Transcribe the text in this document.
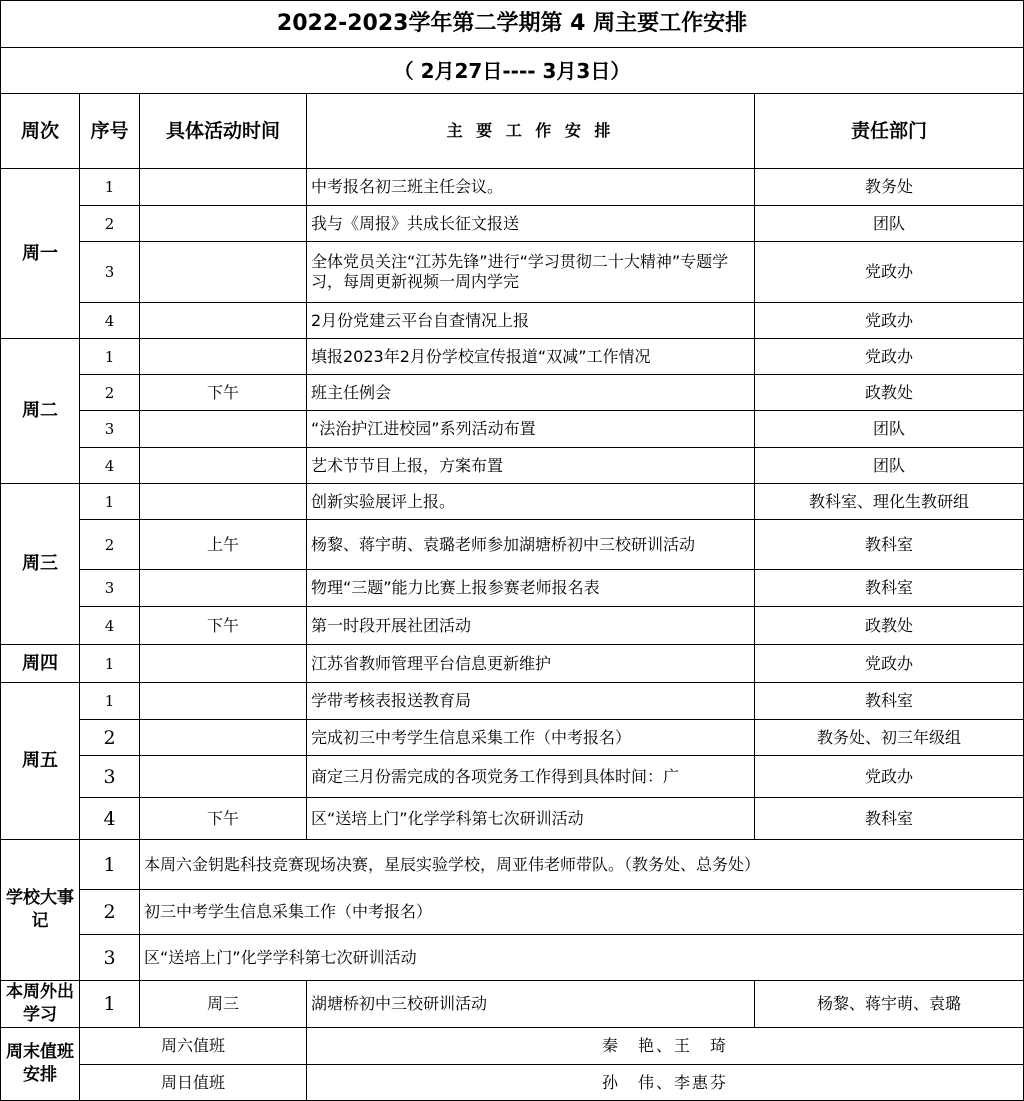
2022-2023学年第二学期第 4 周主要工作安排				
（ 2月27日---- 3月3日）				
周次	序号	具体活动时间	主 要 工 作 安 排	责任部门
周一	1		中考报名初三班主任会议。	教务处
	2		我与《周报》共成长征文报送	团队
	3		全体党员关注“江苏先锋”进行“学习贯彻二十大精神”专题学习，每周更新视频一周内学完	党政办
	4		2月份党建云平台自查情况上报	党政办
周二	1		填报2023年2月份学校宣传报道“双减”工作情况	党政办
	2	下午	班主任例会	政教处
	3		“法治护江进校园”系列活动布置	团队
	4		艺术节节目上报，方案布置	团队
周三	1		创新实验展评上报。	教科室、理化生教研组
	2	上午	杨黎、蒋宇萌、袁璐老师参加湖塘桥初中三校研训活动	教科室
	3		物理“三题”能力比赛上报参赛老师报名表	教科室
	4	下午	第一时段开展社团活动	政教处
周四	1		江苏省教师管理平台信息更新维护	党政办
周五	1		学带考核表报送教育局	教科室
	2		完成初三中考学生信息采集工作（中考报名）	教务处、初三年级组
	3		商定三月份需完成的各项党务工作得到具体时间：广	党政办
	4	下午	区“送培上门”化学学科第七次研训活动	教科室
学校大事记	1	本周六金钥匙科技竞赛现场决赛，星辰实验学校，周亚伟老师带队。（教务处、总务处）		
	2	初三中考学生信息采集工作（中考报名）		
	3	区“送培上门”化学学科第七次研训活动		
本周外出学习	1	周三	湖塘桥初中三校研训活动	杨黎、蒋宇萌、袁璐
周末值班安排	周六值班		秦　艳、王　琦	
	周日值班		孙　伟、李惠芬	
